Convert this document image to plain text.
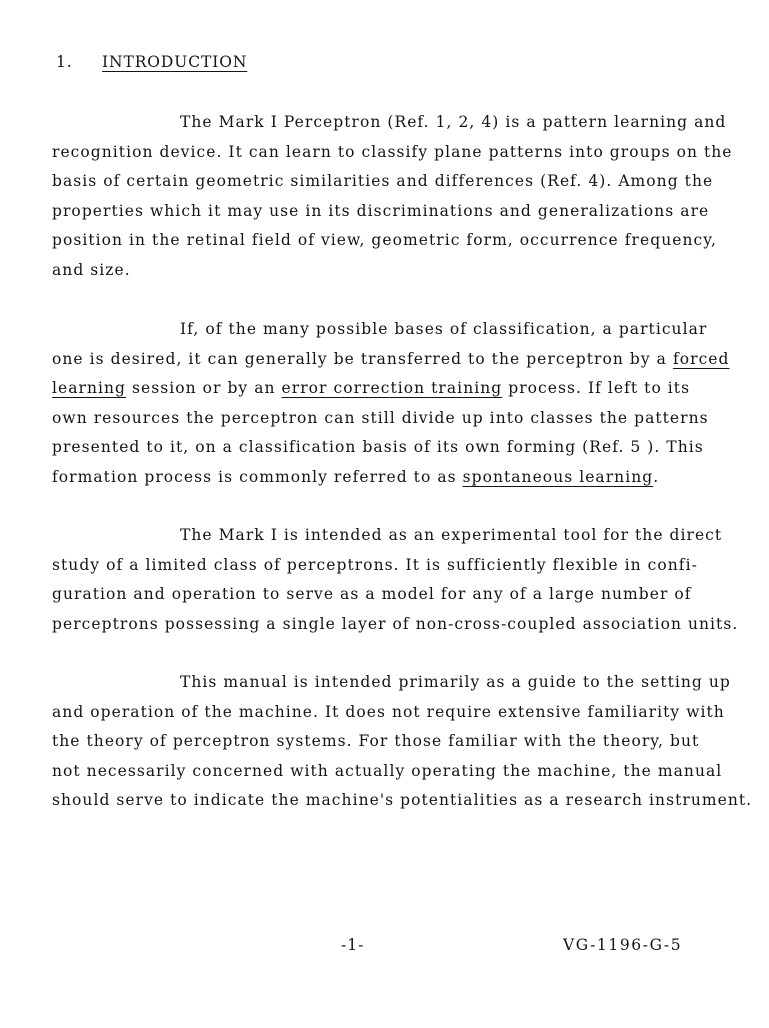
1. INTRODUCTION
The Mark I Perceptron (Ref. 1, 2, 4) is a pattern learning and
recognition device. It can learn to classify plane patterns into groups on the
basis of certain geometric similarities and differences (Ref. 4). Among the
properties which it may use in its discriminations and generalizations are
position in the retinal field of view, geometric form, occurrence frequency,
and size.
If, of the many possible bases of classification, a particular
one is desired, it can generally be transferred to the perceptron by a forced
learning session or by an error correction training process. If left to its
own resources the perceptron can still divide up into classes the patterns
presented to it, on a classification basis of its own forming (Ref. 5 ). This
formation process is commonly referred to as spontaneous learning.
The Mark I is intended as an experimental tool for the direct
study of a limited class of perceptrons. It is sufficiently flexible in confi-
guration and operation to serve as a model for any of a large number of
perceptrons possessing a single layer of non-cross-coupled association units.
This manual is intended primarily as a guide to the setting up
and operation of the machine. It does not require extensive familiarity with
the theory of perceptron systems. For those familiar with the theory, but
not necessarily concerned with actually operating the machine, the manual
should serve to indicate the machine's potentialities as a research instrument.
-1-	VG-1196-G-5
